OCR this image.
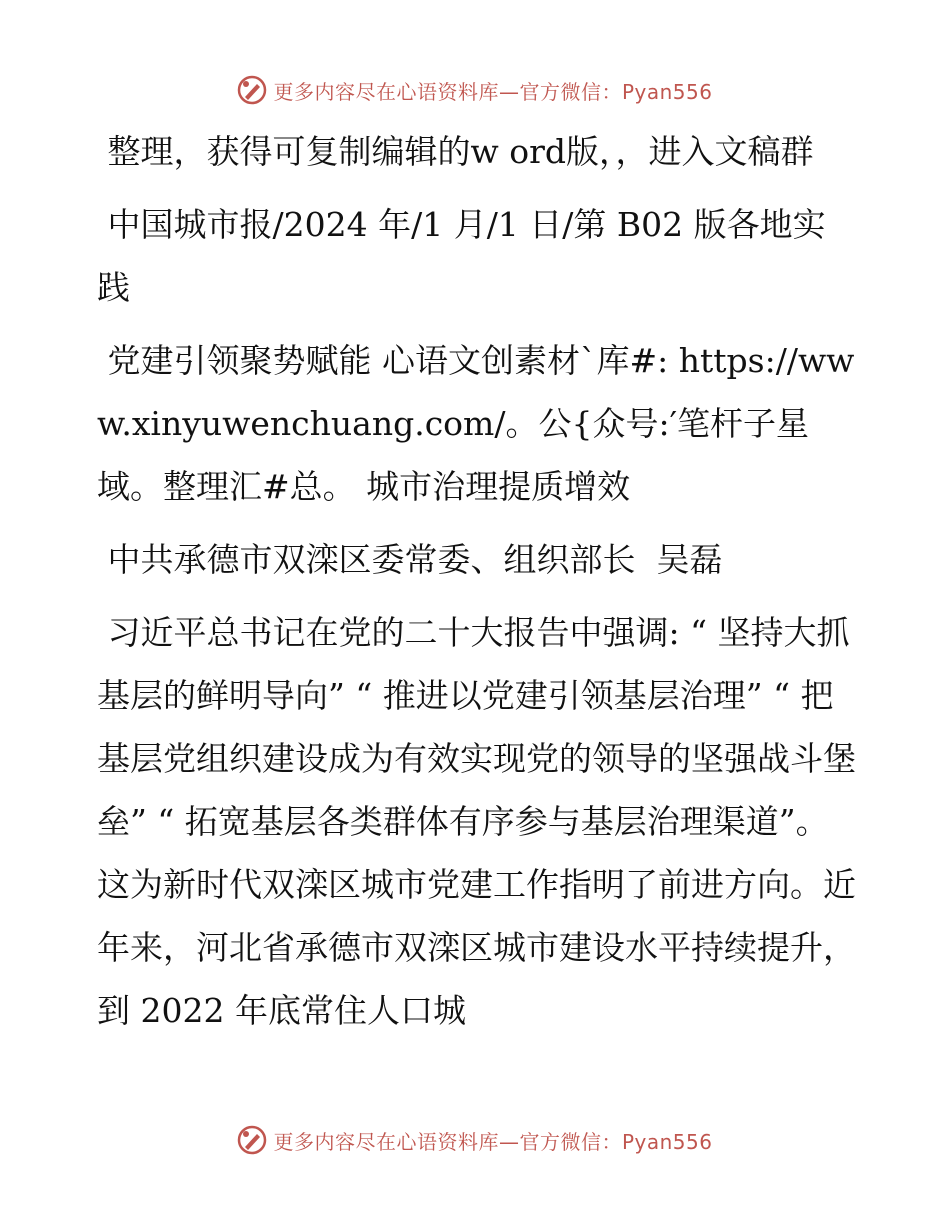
更多内容尽在心语资料库—官方微信：Pyan556

整理，获得可复制编辑的w ord版，，进入文稿群

中国城市报/2024 年/1 月/1 日/第 B02 版各地实践

党建引领聚势赋能 心语文创素材`库#: https://www.xinyuwenchuang.com/。公{众号:′笔杆子星域。整理汇#总。 城市治理提质增效

中共承德市双滦区委常委、组织部长  吴磊

习近平总书记在党的二十大报告中强调: “ 坚持大抓基层的鲜明导向” “ 推进以党建引领基层治理” “ 把基层党组织建设成为有效实现党的领导的坚强战斗堡垒” “ 拓宽基层各类群体有序参与基层治理渠道”。这为新时代双滦区城市党建工作指明了前进方向。近年来，河北省承德市双滦区城市建设水平持续提升， 到 2022 年底常住人口城

更多内容尽在心语资料库—官方微信：Pyan556
